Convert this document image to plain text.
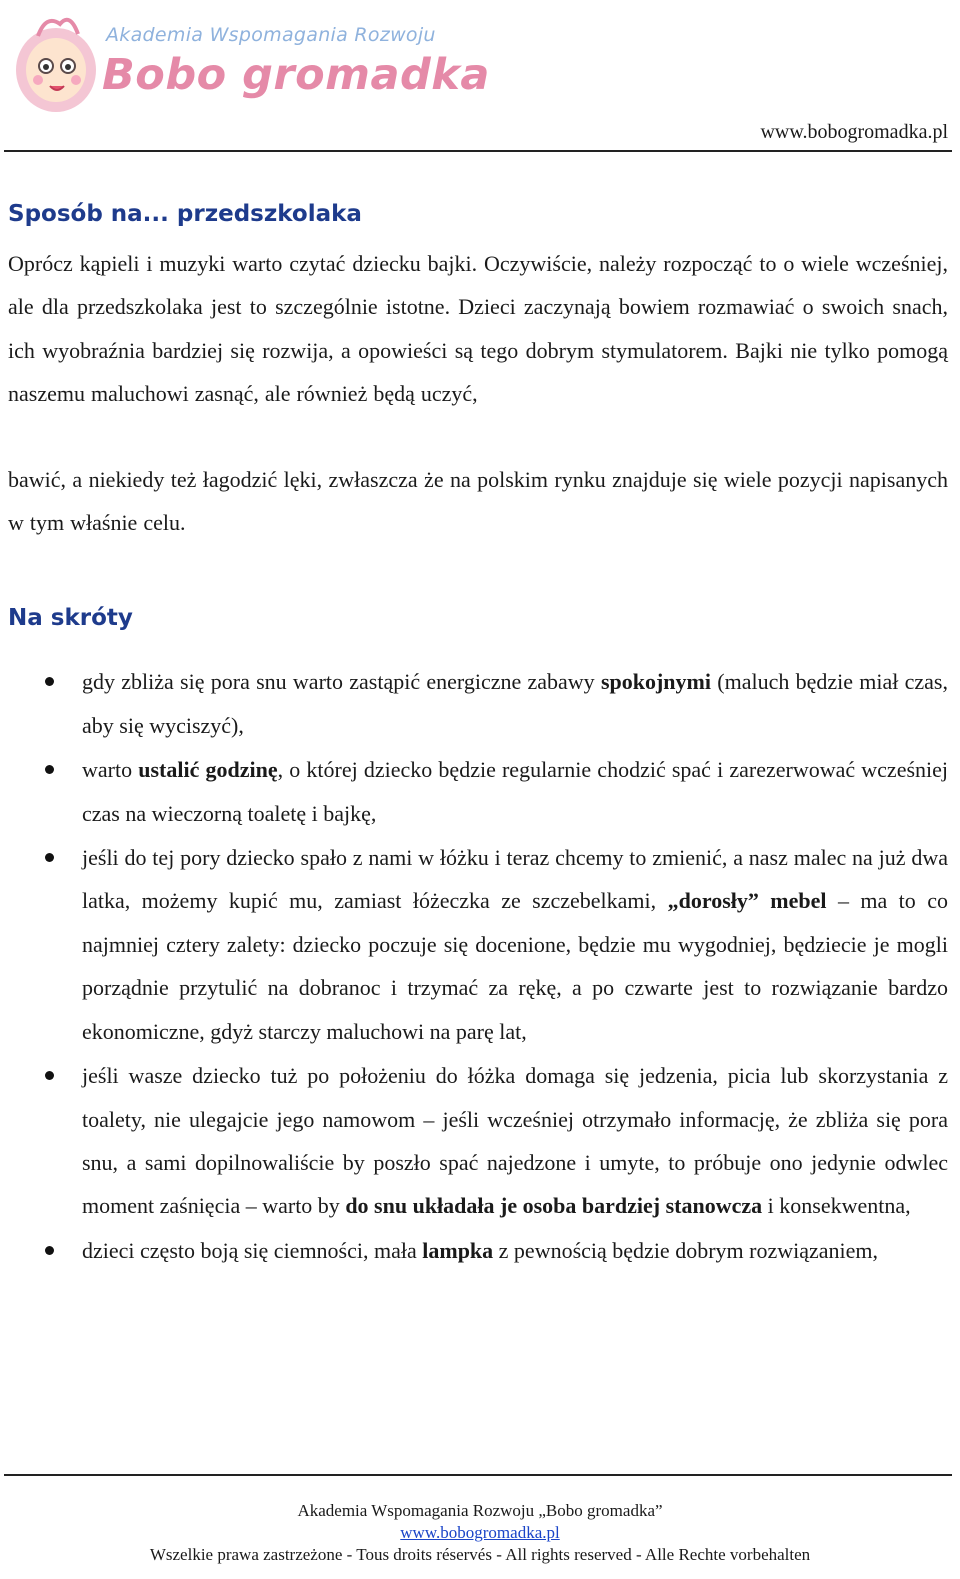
Akademia Wspomagania Rozwoju
Bobo gromadka
www.bobogromadka.pl
Sposób na... przedszkolaka

Oprócz kąpieli i muzyki warto czytać dziecku bajki. Oczywiście, należy rozpocząć to o wiele wcześniej, ale dla przedszkolaka jest to szczególnie istotne. Dzieci zaczynają bowiem rozmawiać o swoich snach, ich wyobraźnia bardziej się rozwija, a opowieści są tego dobrym stymulatorem. Bajki nie tylko pomogą naszemu maluchowi zasnąć, ale również będą uczyć,

bawić, a niekiedy też łagodzić lęki, zwłaszcza że na polskim rynku znajduje się wiele pozycji napisanych w tym właśnie celu.

Na skróty
gdy zbliża się pora snu warto zastąpić energiczne zabawy spokojnymi (maluch będzie miał czas, aby się wyciszyć),
warto ustalić godzinę, o której dziecko będzie regularnie chodzić spać i zarezerwować wcześniej czas na wieczorną toaletę i bajkę,
jeśli do tej pory dziecko spało z nami w łóżku i teraz chcemy to zmienić, a nasz malec na już dwa latka, możemy kupić mu, zamiast łóżeczka ze szczebelkami, „dorosły” mebel – ma to co najmniej cztery zalety: dziecko poczuje się docenione, będzie mu wygodniej, będziecie je mogli porządnie przytulić na dobranoc i trzymać za rękę, a po czwarte jest to rozwiązanie bardzo ekonomiczne, gdyż starczy maluchowi na parę lat,
jeśli wasze dziecko tuż po położeniu do łóżka domaga się jedzenia, picia lub skorzystania z toalety, nie ulegajcie jego namowom – jeśli wcześniej otrzymało informację, że zbliża się pora snu, a sami dopilnowaliście by poszło spać najedzone i umyte, to próbuje ono jedynie odwlec moment zaśnięcia – warto by do snu układała je osoba bardziej stanowcza i konsekwentna,
dzieci często boją się ciemności, mała lampka z pewnością będzie dobrym rozwiązaniem,
Akademia Wspomagania Rozwoju „Bobo gromadka”
www.bobogromadka.pl
Wszelkie prawa zastrzeżone - Tous droits réservés - All rights reserved - Alle Rechte vorbehalten
